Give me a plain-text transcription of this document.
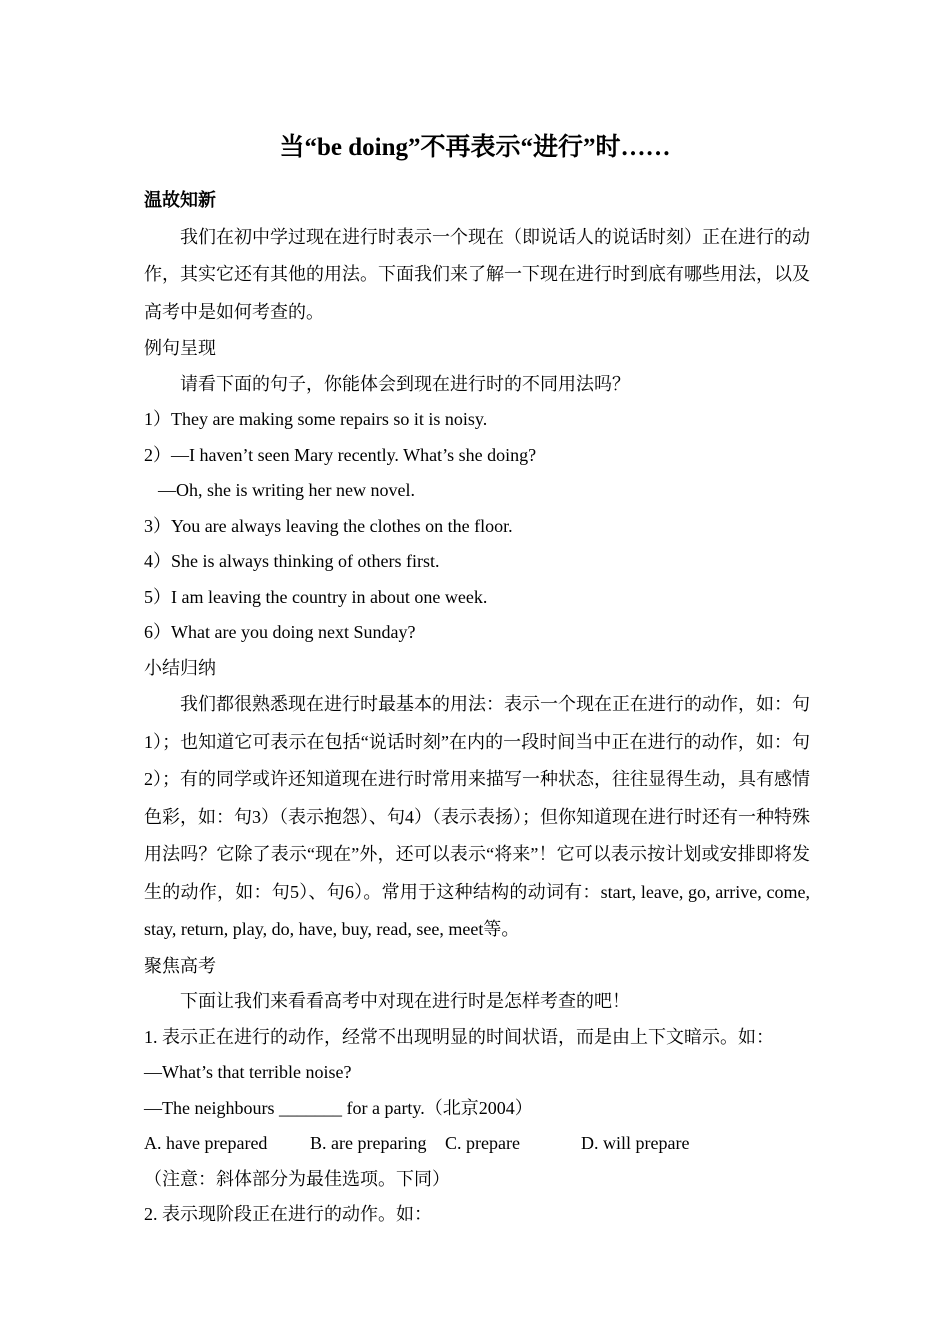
当“be doing”不再表示“进行”时……

温故知新

我们在初中学过现在进行时表示一个现在（即说话人的说话时刻）正在进行的动作，其实它还有其他的用法。下面我们来了解一下现在进行时到底有哪些用法，以及高考中是如何考查的。

例句呈现

请看下面的句子，你能体会到现在进行时的不同用法吗？

1）They are making some repairs so it is noisy.

2）—I haven’t seen Mary recently. What’s she doing?

—Oh, she is writing her new novel.

3）You are always leaving the clothes on the floor.

4）She is always thinking of others first.

5）I am leaving the country in about one week.

6）What are you doing next Sunday?

小结归纳

我们都很熟悉现在进行时最基本的用法：表示一个现在正在进行的动作，如：句1）；也知道它可表示在包括“说话时刻”在内的一段时间当中正在进行的动作，如：句2）；有的同学或许还知道现在进行时常用来描写一种状态，往往显得生动，具有感情色彩，如：句3）（表示抱怨）、句4）（表示表扬）；但你知道现在进行时还有一种特殊用法吗？它除了表示“现在”外，还可以表示“将来”！它可以表示按计划或安排即将发生的动作，如：句5）、句6）。常用于这种结构的动词有：start, leave, go, arrive, come, stay, return, play, do, have, buy, read, see, meet等。

聚焦高考

下面让我们来看看高考中对现在进行时是怎样考查的吧！

1. 表示正在进行的动作，经常不出现明显的时间状语，而是由上下文暗示。如：

—What’s that terrible noise?

—The neighbours _______ for a party.（北京2004）

A. have prepared B. are preparing C. prepare	D. will prepare

（注意：斜体部分为最佳选项。下同）

2. 表示现阶段正在进行的动作。如：
